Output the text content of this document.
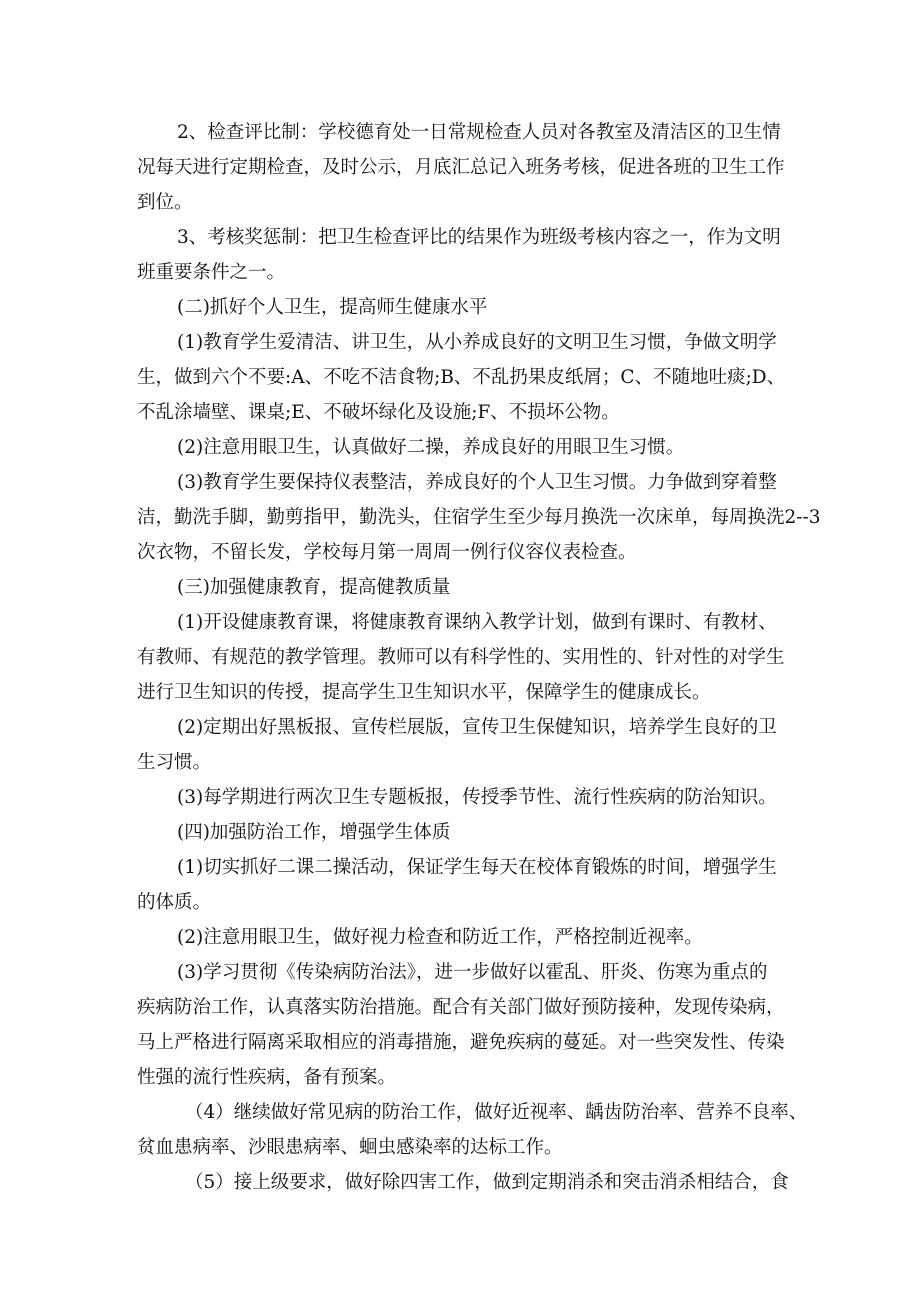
2、检查评比制：学校德育处一日常规检查人员对各教室及清洁区的卫生情
况每天进行定期检查，及时公示，月底汇总记入班务考核，促进各班的卫生工作
到位。
3、考核奖惩制：把卫生检查评比的结果作为班级考核内容之一，作为文明
班重要条件之一。
(二)抓好个人卫生，提高师生健康水平
(1)教育学生爱清洁、讲卫生，从小养成良好的文明卫生习惯，争做文明学
生，做到六个不要:A、不吃不洁食物;B、不乱扔果皮纸屑；C、不随地吐痰;D、
不乱涂墙壁、课桌;E、不破坏绿化及设施;F、不损坏公物。
(2)注意用眼卫生，认真做好二操，养成良好的用眼卫生习惯。
(3)教育学生要保持仪表整洁，养成良好的个人卫生习惯。力争做到穿着整
洁，勤洗手脚，勤剪指甲，勤洗头，住宿学生至少每月换洗一次床单，每周换洗2--3
次衣物，不留长发，学校每月第一周周一例行仪容仪表检查。
(三)加强健康教育，提高健教质量
(1)开设健康教育课，将健康教育课纳入教学计划，做到有课时、有教材、
有教师、有规范的教学管理。教师可以有科学性的、实用性的、针对性的对学生
进行卫生知识的传授，提高学生卫生知识水平，保障学生的健康成长。
(2)定期出好黑板报、宣传栏展版，宣传卫生保健知识，培养学生良好的卫
生习惯。
(3)每学期进行两次卫生专题板报，传授季节性、流行性疾病的防治知识。
(四)加强防治工作，增强学生体质
(1)切实抓好二课二操活动，保证学生每天在校体育锻炼的时间，增强学生
的体质。
(2)注意用眼卫生，做好视力检查和防近工作，严格控制近视率。
(3)学习贯彻《传染病防治法》，进一步做好以霍乱、肝炎、伤寒为重点的
疾病防治工作，认真落实防治措施。配合有关部门做好预防接种，发现传染病，
马上严格进行隔离采取相应的消毒措施，避免疾病的蔓延。对一些突发性、传染
性强的流行性疾病，备有预案。
（4）继续做好常见病的防治工作，做好近视率、龋齿防治率、营养不良率、
贫血患病率、沙眼患病率、蛔虫感染率的达标工作。
（5）接上级要求，做好除四害工作，做到定期消杀和突击消杀相结合，食
